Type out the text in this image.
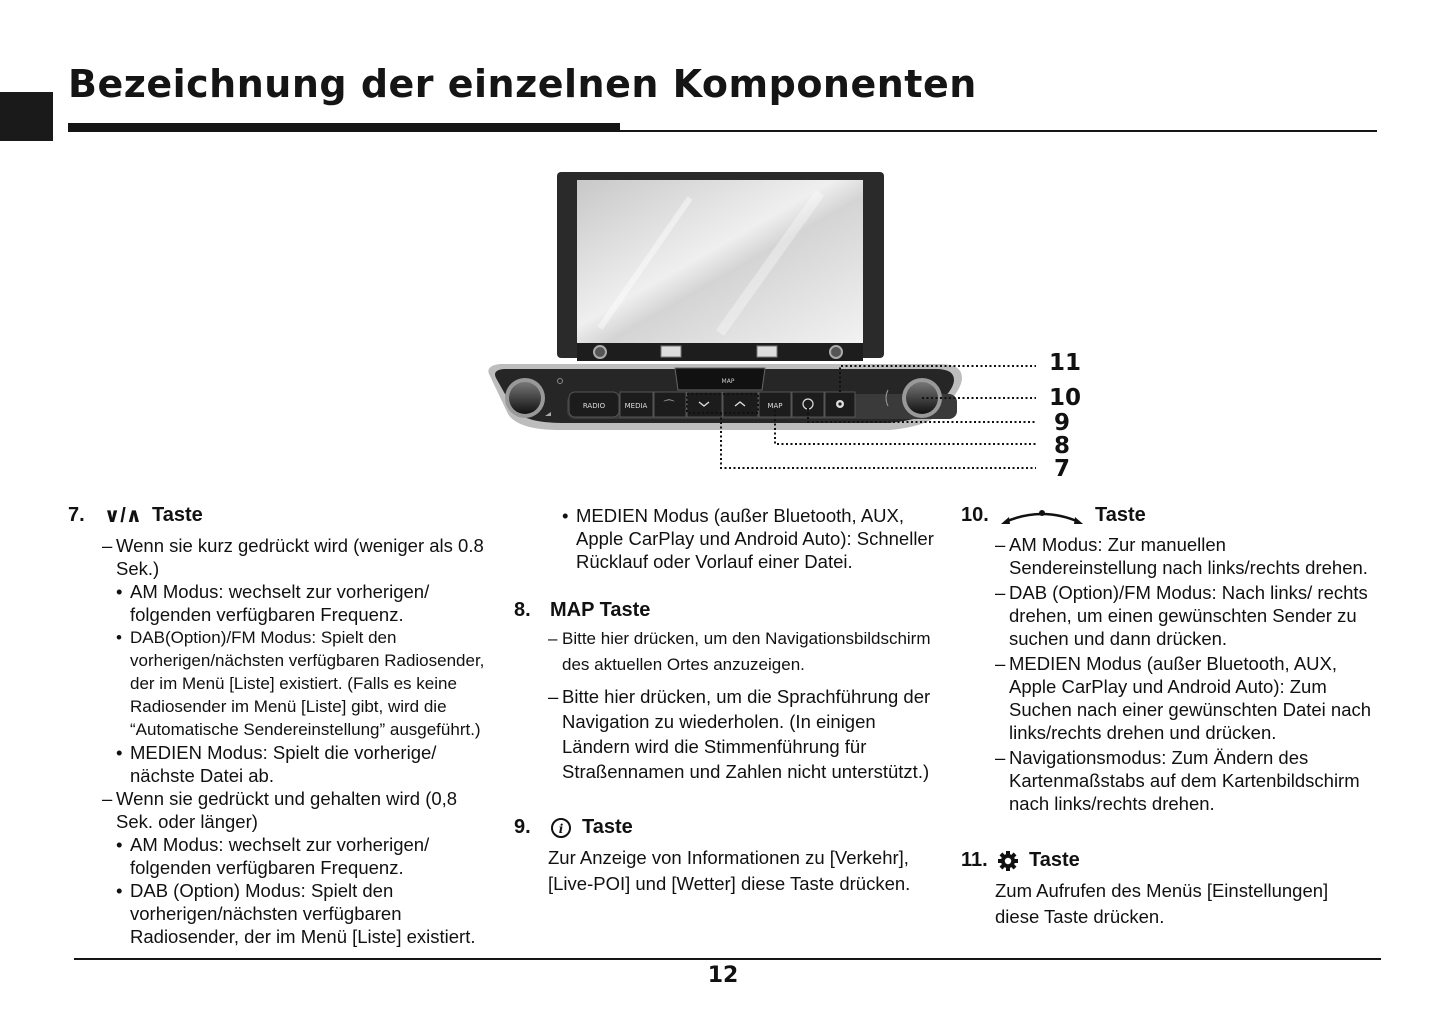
Bezeichnung der einzelnen Komponenten
MAP
RADIO	MEDIA ⌒	MAP
11
10
9
8
7
7. ∨/∧ Taste

– Wenn sie kurz gedrückt wird (weniger als 0.8 Sek.)

• AM Modus: wechselt zur vorherigen/ folgenden verfügbaren Frequenz.

• DAB(Option)/FM Modus: Spielt den vorherigen/nächsten verfügbaren Radiosender, der im Menü [Liste] existiert. (Falls es keine Radiosender im Menü [Liste] gibt, wird die “Automatische Sendereinstellung” ausgeführt.)

• MEDIEN Modus: Spielt die vorherige/ nächste Datei ab.

– Wenn sie gedrückt und gehalten wird (0,8 Sek. oder länger)

• AM Modus: wechselt zur vorherigen/ folgenden verfügbaren Frequenz.

• DAB (Option) Modus: Spielt den vorherigen/nächsten verfügbaren Radiosender, der im Menü [Liste] existiert.

• MEDIEN Modus (außer Bluetooth, AUX, Apple CarPlay und Android Auto): Schneller Rücklauf oder Vorlauf einer Datei.

8. MAP Taste

– Bitte hier drücken, um den Navigationsbildschirm des aktuellen Ortes anzuzeigen.

– Bitte hier drücken, um die Sprachführung der Navigation zu wiederholen. (In einigen Ländern wird die Stimmenführung für Straßennamen und Zahlen nicht unterstützt.)

9.	i Taste

Zur Anzeige von Informationen zu [Verkehr], [Live-POI] und [Wetter] diese Taste drücken.

10.	Taste

– AM Modus: Zur manuellen Sendereinstellung nach links/rechts drehen.

– DAB (Option)/FM Modus: Nach links/ rechts drehen, um einen gewünschten Sender zu suchen und dann drücken.

– MEDIEN Modus (außer Bluetooth, AUX, Apple CarPlay und Android Auto): Zum Suchen nach einer gewünschten Datei nach links/rechts drehen und drücken.

– Navigationsmodus: Zum Ändern des Kartenmaßstabs auf dem Kartenbildschirm nach links/rechts drehen.

11.	Taste

Zum Aufrufen des Menüs [Einstellungen] diese Taste drücken.

12
